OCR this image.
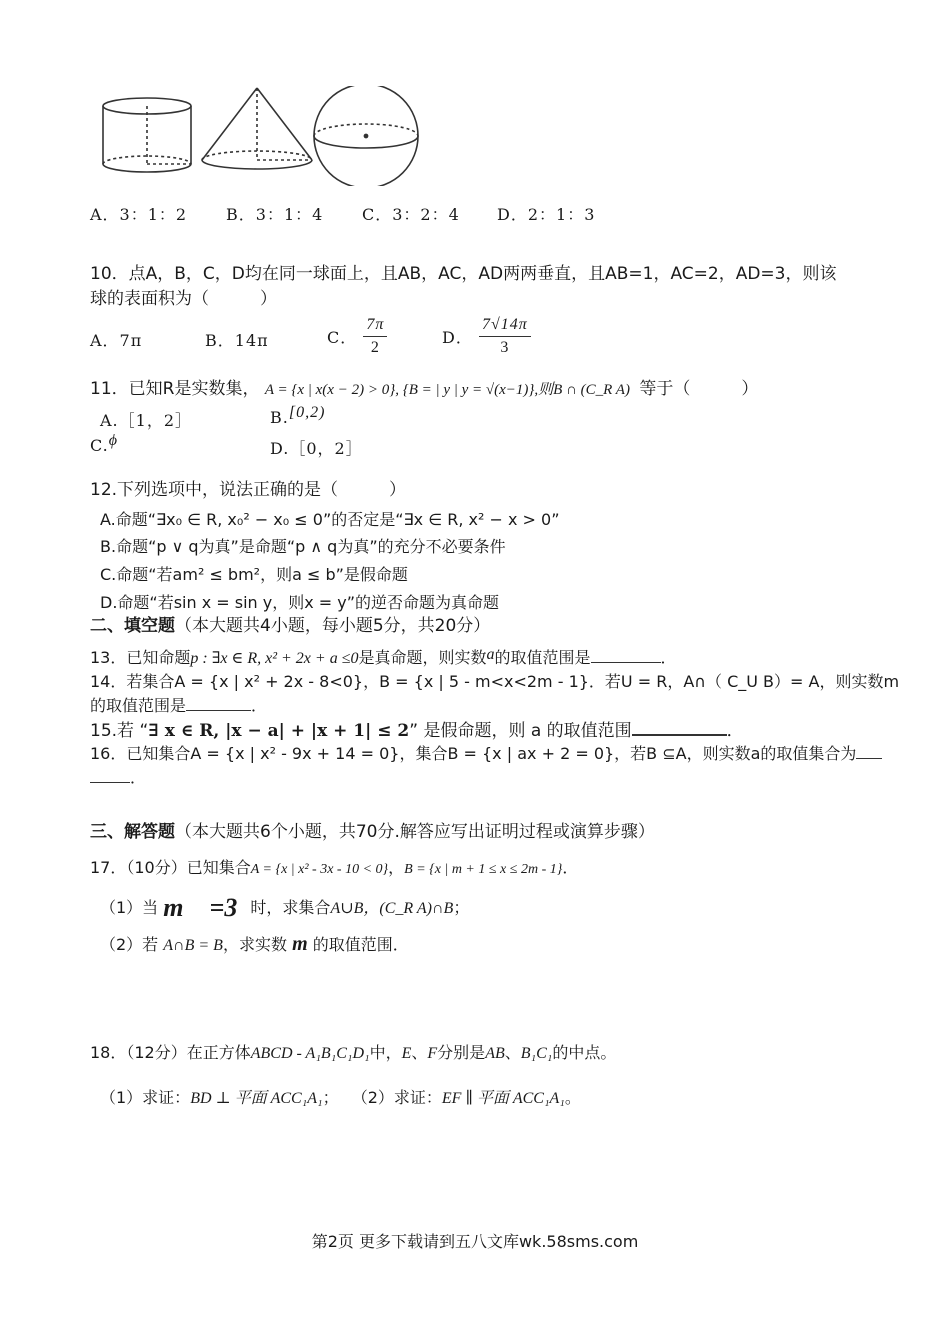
A．3：1：2 B．3：1：4 C．3：2：4 D．2：1：3
10．点A，B，C，D均在同一球面上，且AB，AC，AD两两垂直，且AB=1，AC=2，AD=3，则该
球的表面积为（　　　）
A．7π	B．14π	C． $\frac{7\pi}{2}$	D． $\frac{7√14\pi}{3}$
11．已知R是实数集， A = {x | x(x − 2) > 0}, {B = | y | y = √(x−1)},则B ∩ (C_R A) 等于（　　　）
A.［1，2］	B.[0,2)
C.ϕ	D.［0，2］
12.下列选项中，说法正确的是（　　　）
A.命题“∃x₀ ∈ R, x₀² − x₀ ≤ 0”的否定是“∃x ∈ R, x² − x > 0”
B.命题“p ∨ q为真”是命题“p ∧ q为真”的充分不必要条件
C.命题“若am² ≤ bm²，则a ≤ b”是假命题
D.命题“若sin x = sin y，则x = y”的逆否命题为真命题
二、填空题（本大题共4小题，每小题5分，共20分）
13．已知命题p : ∃x ∈ R, x² + 2x + a ≤0是真命题，则实数a的取值范围是	．
14．若集合A = {x | x² + 2x - 8<0}，B = {x | 5 - m<x<2m - 1}．若U = R，A∩（ C_U B）= A，则实数m
的取值范围是	．
15.若 “∃ x ∈ R, |x − a| + |x + 1| ≤ 2” 是假命题，则 a 的取值范围	．
16．已知集合A = {x | x² - 9x + 14 = 0}，集合B = {x | ax + 2 = 0}，若B ⊆A，则实数a的取值集合为
．
三、解答题（本大题共6个小题，共70分.解答应写出证明过程或演算步骤）
17．（10分）已知集合A = {x | x² - 3x - 10 < 0}，B = {x | m + 1 ≤ x ≤ 2m - 1}．
（1）当 m　=3 时，求集合A∪B，(C_R A)∩B；
（2）若 A∩B = B，求实数 m 的取值范围．
18．（12分）在正方体ABCD - A₁B₁C₁D₁中，E、F分别是AB、B₁C₁的中点。
（1）求证：BD ⊥ 平面 ACC₁A₁； （2）求证：EF ∥ 平面 ACC₁A₁。
第2页 更多下载请到五八文库wk.58sms.com
